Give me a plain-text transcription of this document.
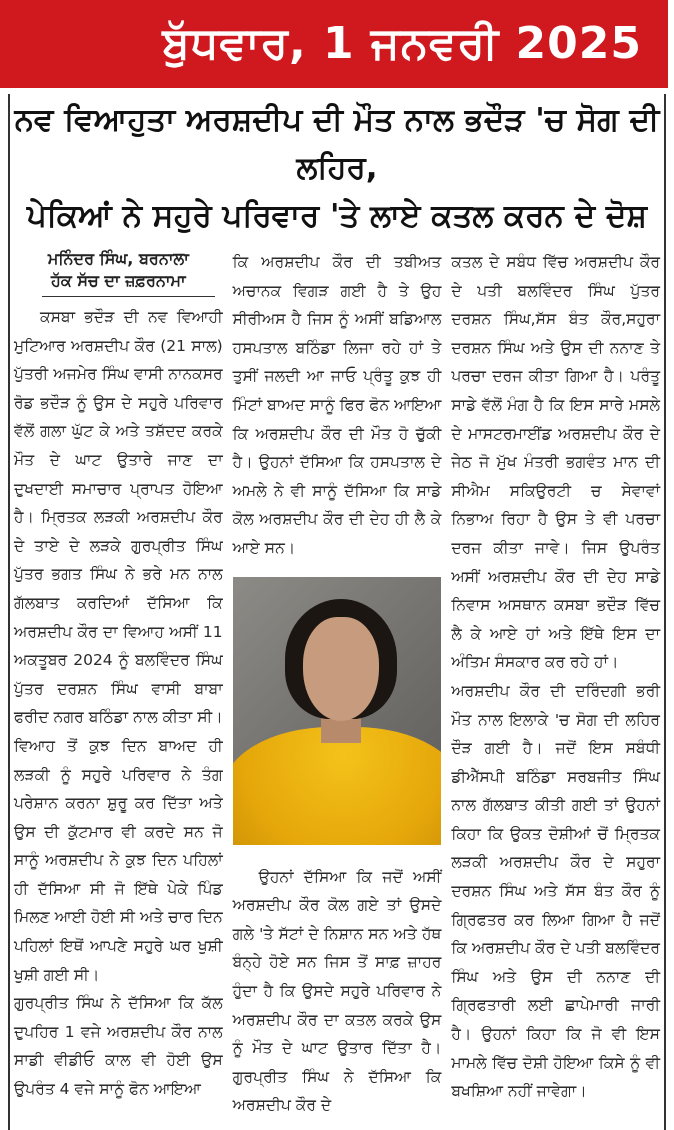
ਬੁੱਧਵਾਰ, 1 ਜਨਵਰੀ 2025
ਨਵ ਵਿਆਹੁਤਾ ਅਰਸ਼ਦੀਪ ਦੀ ਮੌਤ ਨਾਲ ਭਦੌੜ 'ਚ ਸੋਗ ਦੀ ਲਹਿਰ,
ਪੇਕਿਆਂ ਨੇ ਸਹੁਰੇ ਪਰਿਵਾਰ 'ਤੇ ਲਾਏ ਕਤਲ ਕਰਨ ਦੇ ਦੋਸ਼
ਮਨਿੰਦਰ ਸਿੰਘ, ਬਰਨਾਲਾ
ਹੱਕ ਸੱਚ ਦਾ ਜ਼ਫ਼ਰਨਾਮਾ

ਕਸਬਾ ਭਦੌੜ ਦੀ ਨਵ ਵਿਆਹੀ ਮੁਟਿਆਰ ਅਰਸ਼ਦੀਪ ਕੌਰ (21 ਸਾਲ) ਪੁੱਤਰੀ ਅਜਮੇਰ ਸਿੰਘ ਵਾਸੀ ਨਾਨਕਸਰ ਰੋਡ ਭਦੌੜ ਨੂੰ ਉਸ ਦੇ ਸਹੁਰੇ ਪਰਿਵਾਰ ਵੱਲੋਂ ਗਲਾ ਘੁੱਟ ਕੇ ਅਤੇ ਤਸ਼ੱਦਦ ਕਰਕੇ ਮੌਤ ਦੇ ਘਾਟ ਉਤਾਰੇ ਜਾਣ ਦਾ ਦੁਖਦਾਈ ਸਮਾਚਾਰ ਪ੍ਰਾਪਤ ਹੋਇਆ ਹੈ। ਮ੍ਰਿਤਕ ਲੜਕੀ ਅਰਸ਼ਦੀਪ ਕੌਰ ਦੇ ਤਾਏ ਦੇ ਲੜਕੇ ਗੁਰਪ੍ਰੀਤ ਸਿੰਘ ਪੁੱਤਰ ਭਗਤ ਸਿੰਘ ਨੇ ਭਰੇ ਮਨ ਨਾਲ ਗੱਲਬਾਤ ਕਰਦਿਆਂ ਦੱਸਿਆ ਕਿ ਅਰਸ਼ਦੀਪ ਕੌਰ ਦਾ ਵਿਆਹ ਅਸੀਂ 11 ਅਕਤੂਬਰ 2024 ਨੂੰ ਬਲਵਿੰਦਰ ਸਿੰਘ ਪੁੱਤਰ ਦਰਸ਼ਨ ਸਿੰਘ ਵਾਸੀ ਬਾਬਾ ਫਰੀਦ ਨਗਰ ਬਠਿੰਡਾ ਨਾਲ ਕੀਤਾ ਸੀ। ਵਿਆਹ ਤੋਂ ਕੁਝ ਦਿਨ ਬਾਅਦ ਹੀ ਲੜਕੀ ਨੂੰ ਸਹੁਰੇ ਪਰਿਵਾਰ ਨੇ ਤੰਗ ਪਰੇਸ਼ਾਨ ਕਰਨਾ ਸ਼ੁਰੂ ਕਰ ਦਿੱਤਾ ਅਤੇ ਉਸ ਦੀ ਕੁੱਟਮਾਰ ਵੀ ਕਰਦੇ ਸਨ ਜੋ ਸਾਨੂੰ ਅਰਸ਼ਦੀਪ ਨੇ ਕੁਝ ਦਿਨ ਪਹਿਲਾਂ ਹੀ ਦੱਸਿਆ ਸੀ ਜੋ ਇੱਥੇ ਪੇਕੇ ਪਿੰਡ ਮਿਲਣ ਆਈ ਹੋਈ ਸੀ ਅਤੇ ਚਾਰ ਦਿਨ ਪਹਿਲਾਂ ਇਥੋਂ ਆਪਣੇ ਸਹੁਰੇ ਘਰ ਖੁਸ਼ੀ ਖੁਸ਼ੀ ਗਈ ਸੀ।

ਗੁਰਪ੍ਰੀਤ ਸਿੰਘ ਨੇ ਦੱਸਿਆ ਕਿ ਕੱਲ ਦੁਪਹਿਰ 1 ਵਜੇ ਅਰਸ਼ਦੀਪ ਕੌਰ ਨਾਲ ਸਾਡੀ ਵੀਡੀਓ ਕਾਲ ਵੀ ਹੋਈ ਉਸ ਉਪਰੰਤ 4 ਵਜੇ ਸਾਨੂੰ ਫੋਨ ਆਇਆ

ਕਿ ਅਰਸ਼ਦੀਪ ਕੌਰ ਦੀ ਤਬੀਅਤ ਅਚਾਨਕ ਵਿਗੜ ਗਈ ਹੈ ਤੇ ਉਹ ਸੀਰੀਅਸ ਹੈ ਜਿਸ ਨੂੰ ਅਸੀਂ ਬਡਿਆਲ ਹਸਪਤਾਲ ਬਠਿੰਡਾ ਲਿਜਾ ਰਹੇ ਹਾਂ ਤੇ ਤੁਸੀਂ ਜਲਦੀ ਆ ਜਾਓ ਪ੍ਰੰਤੂ ਕੁਝ ਹੀ ਮਿੰਟਾਂ ਬਾਅਦ ਸਾਨੂੰ ਫਿਰ ਫੋਨ ਆਇਆ ਕਿ ਅਰਸ਼ਦੀਪ ਕੌਰ ਦੀ ਮੌਤ ਹੋ ਚੁੱਕੀ ਹੈ। ਉਹਨਾਂ ਦੱਸਿਆ ਕਿ ਹਸਪਤਾਲ ਦੇ ਅਮਲੇ ਨੇ ਵੀ ਸਾਨੂੰ ਦੱਸਿਆ ਕਿ ਸਾਡੇ ਕੋਲ ਅਰਸ਼ਦੀਪ ਕੌਰ ਦੀ ਦੇਹ ਹੀ ਲੈ ਕੇ ਆਏ ਸਨ।

ਉਹਨਾਂ ਦੱਸਿਆ ਕਿ ਜਦੋਂ ਅਸੀਂ ਅਰਸ਼ਦੀਪ ਕੌਰ ਕੋਲ ਗਏ ਤਾਂ ਉਸਦੇ ਗਲੇ 'ਤੇ ਸੱਟਾਂ ਦੇ ਨਿਸ਼ਾਨ ਸਨ ਅਤੇ ਹੱਥ ਬੰਨ੍ਹੇ ਹੋਏ ਸਨ ਜਿਸ ਤੋਂ ਸਾਫ਼ ਜ਼ਾਹਰ ਹੁੰਦਾ ਹੈ ਕਿ ਉਸਦੇ ਸਹੁਰੇ ਪਰਿਵਾਰ ਨੇ ਅਰਸ਼ਦੀਪ ਕੌਰ ਦਾ ਕਤਲ ਕਰਕੇ ਉਸ ਨੂੰ ਮੌਤ ਦੇ ਘਾਟ ਉਤਾਰ ਦਿੱਤਾ ਹੈ। ਗੁਰਪ੍ਰੀਤ ਸਿੰਘ ਨੇ ਦੱਸਿਆ ਕਿ ਅਰਸ਼ਦੀਪ ਕੌਰ ਦੇ

ਕਤਲ ਦੇ ਸਬੰਧ ਵਿੱਚ ਅਰਸ਼ਦੀਪ ਕੌਰ ਦੇ ਪਤੀ ਬਲਵਿੰਦਰ ਸਿੰਘ ਪੁੱਤਰ ਦਰਸ਼ਨ ਸਿੰਘ,ਸੱਸ ਬੰਤ ਕੌਰ,ਸਹੁਰਾ ਦਰਸ਼ਨ ਸਿੰਘ ਅਤੇ ਉਸ ਦੀ ਨਨਾਣ ਤੇ ਪਰਚਾ ਦਰਜ ਕੀਤਾ ਗਿਆ ਹੈ। ਪਰੰਤੂ ਸਾਡੇ ਵੱਲੋਂ ਮੰਗ ਹੈ ਕਿ ਇਸ ਸਾਰੇ ਮਸਲੇ ਦੇ ਮਾਸਟਰਮਾਈਂਡ ਅਰਸ਼ਦੀਪ ਕੌਰ ਦੇ ਜੇਠ ਜੋ ਮੁੱਖ ਮੰਤਰੀ ਭਗਵੰਤ ਮਾਨ ਦੀ ਸੀਐਮ ਸਕਿਉਰਟੀ ਚ ਸੇਵਾਵਾਂ ਨਿਭਾਅ ਰਿਹਾ ਹੈ ਉਸ ਤੇ ਵੀ ਪਰਚਾ ਦਰਜ ਕੀਤਾ ਜਾਵੇ। ਜਿਸ ਉਪਰੰਤ ਅਸੀਂ ਅਰਸ਼ਦੀਪ ਕੌਰ ਦੀ ਦੇਹ ਸਾਡੇ ਨਿਵਾਸ ਅਸਥਾਨ ਕਸਬਾ ਭਦੌੜ ਵਿੱਚ ਲੈ ਕੇ ਆਏ ਹਾਂ ਅਤੇ ਇੱਥੇ ਇਸ ਦਾ ਅੰਤਿਮ ਸੰਸਕਾਰ ਕਰ ਰਹੇ ਹਾਂ।

ਅਰਸ਼ਦੀਪ ਕੌਰ ਦੀ ਦਰਿੰਦਗੀ ਭਰੀ ਮੌਤ ਨਾਲ ਇਲਾਕੇ 'ਚ ਸੋਗ ਦੀ ਲਹਿਰ ਦੌੜ ਗਈ ਹੈ। ਜਦੋਂ ਇਸ ਸਬੰਧੀ ਡੀਐੱਸਪੀ ਬਠਿੰਡਾ ਸਰਬਜੀਤ ਸਿੰਘ ਨਾਲ ਗੱਲਬਾਤ ਕੀਤੀ ਗਈ ਤਾਂ ਉਹਨਾਂ ਕਿਹਾ ਕਿ ਉਕਤ ਦੋਸ਼ੀਆਂ ਚੋਂ ਮ੍ਰਿਤਕ ਲੜਕੀ ਅਰਸ਼ਦੀਪ ਕੌਰ ਦੇ ਸਹੁਰਾ ਦਰਸ਼ਨ ਸਿੰਘ ਅਤੇ ਸੱਸ ਬੰਤ ਕੌਰ ਨੂੰ ਗ੍ਰਿਫਤਰ ਕਰ ਲਿਆ ਗਿਆ ਹੈ ਜਦੋਂ ਕਿ ਅਰਸ਼ਦੀਪ ਕੌਰ ਦੇ ਪਤੀ ਬਲਵਿੰਦਰ ਸਿੰਘ ਅਤੇ ਉਸ ਦੀ ਨਨਾਣ ਦੀ ਗ੍ਰਿਫਤਾਰੀ ਲਈ ਛਾਪੇਮਾਰੀ ਜਾਰੀ ਹੈ। ਉਹਨਾਂ ਕਿਹਾ ਕਿ ਜੋ ਵੀ ਇਸ ਮਾਮਲੇ ਵਿੱਚ ਦੋਸ਼ੀ ਹੋਇਆ ਕਿਸੇ ਨੂੰ ਵੀ ਬਖਸ਼ਿਆ ਨਹੀਂ ਜਾਵੇਗਾ।
